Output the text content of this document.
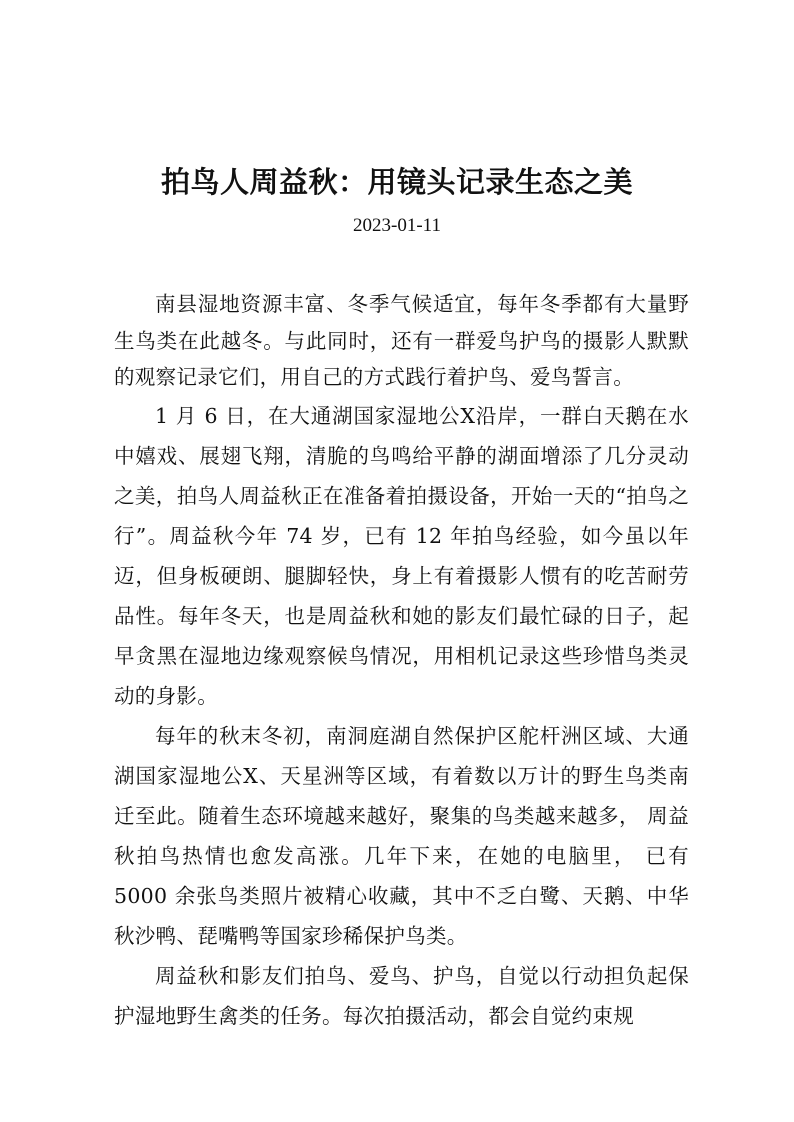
拍鸟人周益秋：用镜头记录生态之美
2023-01-11

南县湿地资源丰富、冬季气候适宜，每年冬季都有大量野生鸟类在此越冬。与此同时，还有一群爱鸟护鸟的摄影人默默的观察记录它们，用自己的方式践行着护鸟、爱鸟誓言。

1 月 6 日，在大通湖国家湿地公X沿岸，一群白天鹅在水中嬉戏、展翅飞翔，清脆的鸟鸣给平静的湖面增添了几分灵动之美，拍鸟人周益秋正在准备着拍摄设备，开始一天的“拍鸟之行”。周益秋今年 74 岁，已有 12 年拍鸟经验，如今虽以年迈，但身板硬朗、腿脚轻快，身上有着摄影人惯有的吃苦耐劳品性。每年冬天，也是周益秋和她的影友们最忙碌的日子，起早贪黑在湿地边缘观察候鸟情况，用相机记录这些珍惜鸟类灵动的身影。

每年的秋末冬初，南洞庭湖自然保护区舵杆洲区域、大通湖国家湿地公X、天星洲等区域，有着数以万计的野生鸟类南迁至此。随着生态环境越来越好，聚集的鸟类越来越多， 周益秋拍鸟热情也愈发高涨。几年下来，在她的电脑里， 已有5000 余张鸟类照片被精心收藏，其中不乏白鹭、天鹅、中华秋沙鸭、琵嘴鸭等国家珍稀保护鸟类。

周益秋和影友们拍鸟、爱鸟、护鸟，自觉以行动担负起保护湿地野生禽类的任务。每次拍摄活动，都会自觉约束规
